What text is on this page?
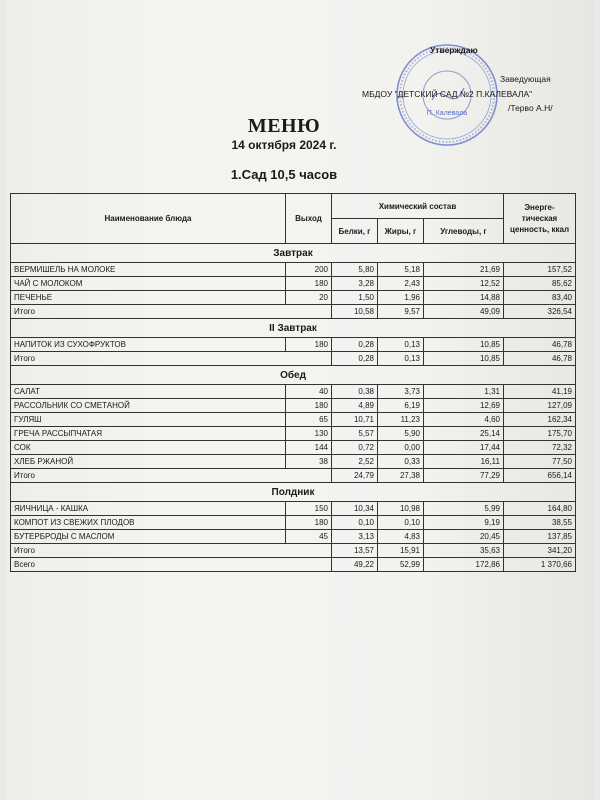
П. Калевала
Утверждаю
Заведующая
МБДОУ "ДЕТСКИЙ САД №2 П.КАЛЕВАЛА"
/Терво А.Н/
МЕНЮ
14 октября 2024 г.
1.Сад 10,5 часов
Наименование блюда	Выход	Химический состав			Энерге-тическая ценность, ккал
		Белки, г	Жиры, г	Углеводы, г	
Завтрак					
ВЕРМИШЕЛЬ НА МОЛОКЕ	200	5,80	5,18	21,69	157,52
ЧАЙ С МОЛОКОМ	180	3,28	2,43	12,52	85,62
ПЕЧЕНЬЕ	20	1,50	1,96	14,88	83,40
Итого		10,58	9,57	49,09	326,54
II Завтрак					
НАПИТОК ИЗ СУХОФРУКТОВ	180	0,28	0,13	10,85	46,78
Итого		0,28	0,13	10,85	46,78
Обед					
САЛАТ	40	0,38	3,73	1,31	41,19
РАССОЛЬНИК СО СМЕТАНОЙ	180	4,89	6,19	12,69	127,09
ГУЛЯШ	65	10,71	11,23	4,60	162,34
ГРЕЧА РАССЫПЧАТАЯ	130	5,57	5,90	25,14	175,70
СОК	144	0,72	0,00	17,44	72,32
ХЛЕБ РЖАНОЙ	38	2,52	0,33	16,11	77,50
Итого		24,79	27,38	77,29	656,14
Полдник					
ЯИЧНИЦА - КАШКА	150	10,34	10,98	5,99	164,80
КОМПОТ ИЗ СВЕЖИХ ПЛОДОВ	180	0,10	0,10	9,19	38,55
БУТЕРБРОДЫ С МАСЛОМ	45	3,13	4,83	20,45	137,85
Итого		13,57	15,91	35,63	341,20
Всего		49,22	52,99	172,86	1 370,66
